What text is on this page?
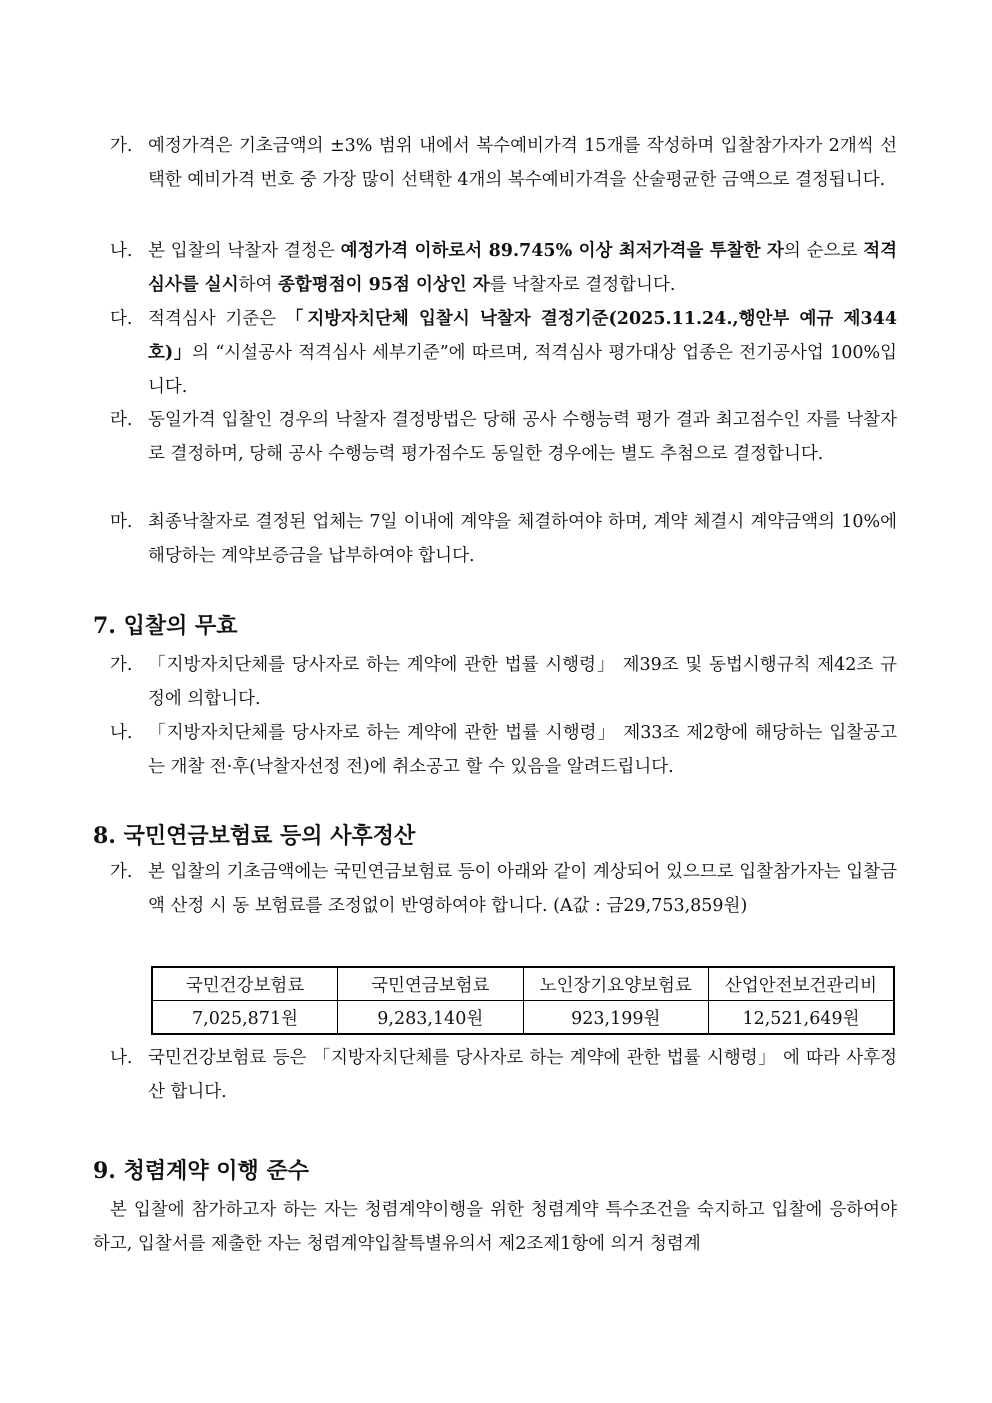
가. 예정가격은 기초금액의 ±3% 범위 내에서 복수예비가격 15개를 작성하며 입찰참가자가 2개씩 선택한 예비가격 번호 중 가장 많이 선택한 4개의 복수예비가격을 산술평균한 금액으로 결정됩니다.
나. 본 입찰의 낙찰자 결정은 예정가격 이하로서 89.745% 이상 최저가격을 투찰한 자의 순으로 적격심사를 실시하여 종합평점이 95점 이상인 자를 낙찰자로 결정합니다.
다. 적격심사 기준은 「지방자치단체 입찰시 낙찰자 결정기준(2025.11.24.,행안부 예규 제344호)」의 “시설공사 적격심사 세부기준”에 따르며, 적격심사 평가대상 업종은 전기공사업 100%입니다.
라. 동일가격 입찰인 경우의 낙찰자 결정방법은 당해 공사 수행능력 평가 결과 최고점수인 자를 낙찰자로 결정하며, 당해 공사 수행능력 평가점수도 동일한 경우에는 별도 추첨으로 결정합니다.
마. 최종낙찰자로 결정된 업체는 7일 이내에 계약을 체결하여야 하며, 계약 체결시 계약금액의 10%에 해당하는 계약보증금을 납부하여야 합니다.
7. 입찰의 무효
가. 「지방자치단체를 당사자로 하는 계약에 관한 법률 시행령」 제39조 및 동법시행규칙 제42조 규정에 의합니다.
나. 「지방자치단체를 당사자로 하는 계약에 관한 법률 시행령」 제33조 제2항에 해당하는 입찰공고는 개찰 전·후(낙찰자선정 전)에 취소공고 할 수 있음을 알려드립니다.
8. 국민연금보험료 등의 사후정산
가. 본 입찰의 기초금액에는 국민연금보험료 등이 아래와 같이 계상되어 있으므로 입찰참가자는 입찰금액 산정 시 동 보험료를 조정없이 반영하여야 합니다. (A값 : 금29,753,859원)
국민건강보험료	국민연금보험료	노인장기요양보험료	산업안전보건관리비
7,025,871원	9,283,140원	923,199원	12,521,649원
나. 국민건강보험료 등은 「지방자치단체를 당사자로 하는 계약에 관한 법률 시행령」 에 따라 사후정산 합니다.
9. 청렴계약 이행 준수
본 입찰에 참가하고자 하는 자는 청렴계약이행을 위한 청렴계약 특수조건을 숙지하고 입찰에 응하여야 하고, 입찰서를 제출한 자는 청렴계약입찰특별유의서 제2조제1항에 의거 청렴계
